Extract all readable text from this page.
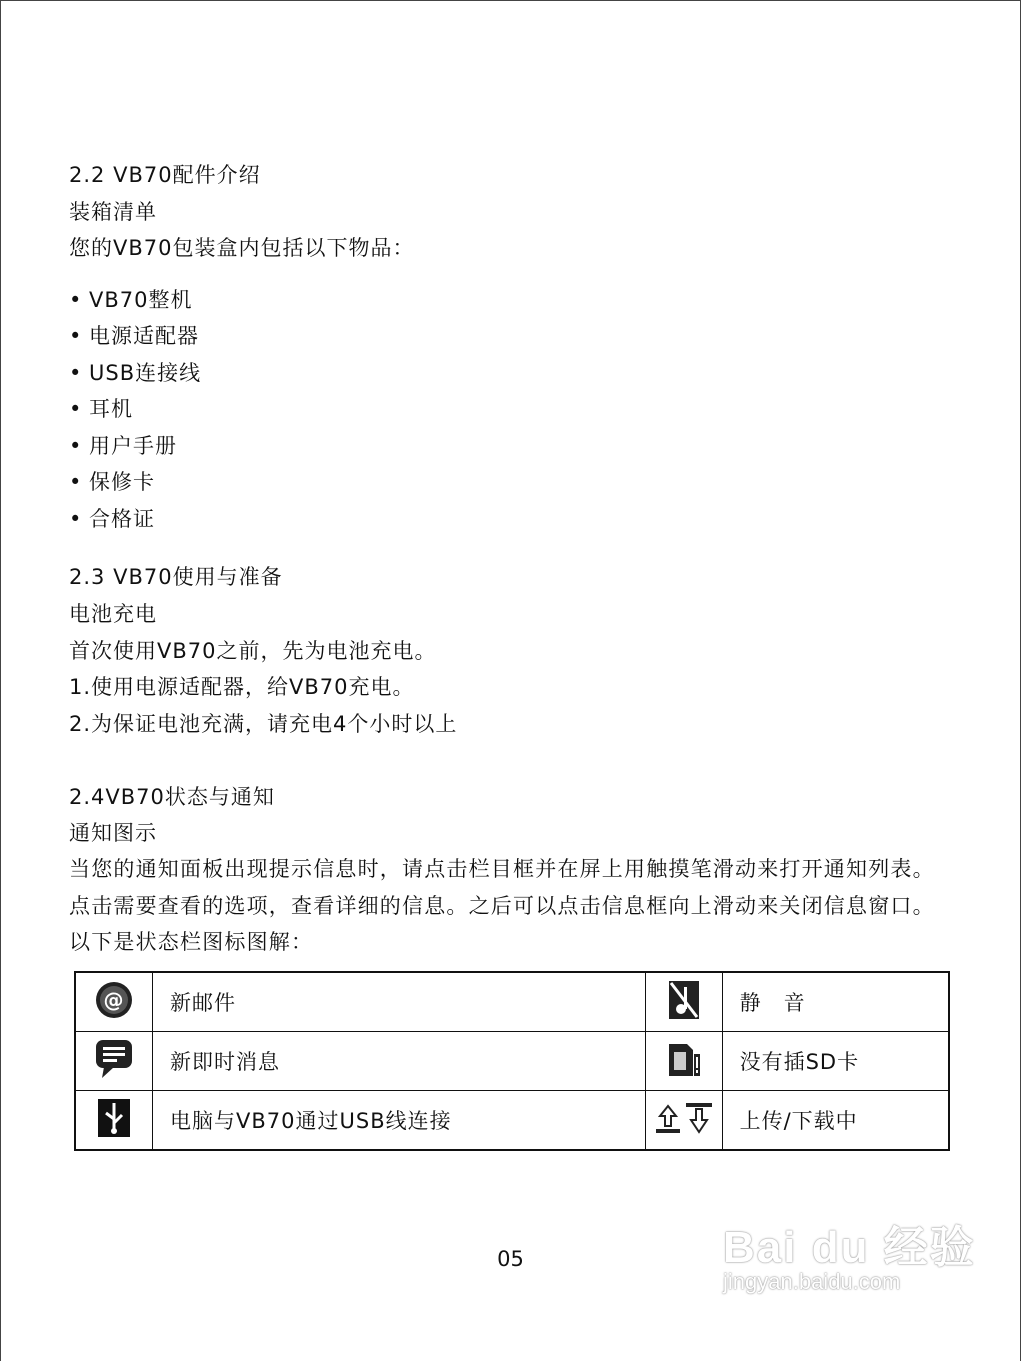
2.2 VB70配件介绍
装箱清单
您的VB70包装盒内包括以下物品：
• VB70整机
• 电源适配器
• USB连接线
• 耳机
• 用户手册
• 保修卡
• 合格证
2.3 VB70使用与准备
电池充电
首次使用VB70之前，先为电池充电。
1.使用电源适配器，给VB70充电。
2.为保证电池充满，请充电4个小时以上
2.4VB70状态与通知
通知图示
当您的通知面板出现提示信息时，请点击栏目框并在屏上用触摸笔滑动来打开通知列表。 点击需要查看的选项，查看详细的信息。之后可以点击信息框向上滑动来关闭信息窗口。 以下是状态栏图标图解：
@	新邮件		静　音
	新即时消息		没有插SD卡
	电脑与VB70通过USB线连接		上传/下载中
05	Bai du 经验
jingyan.baidu.com
